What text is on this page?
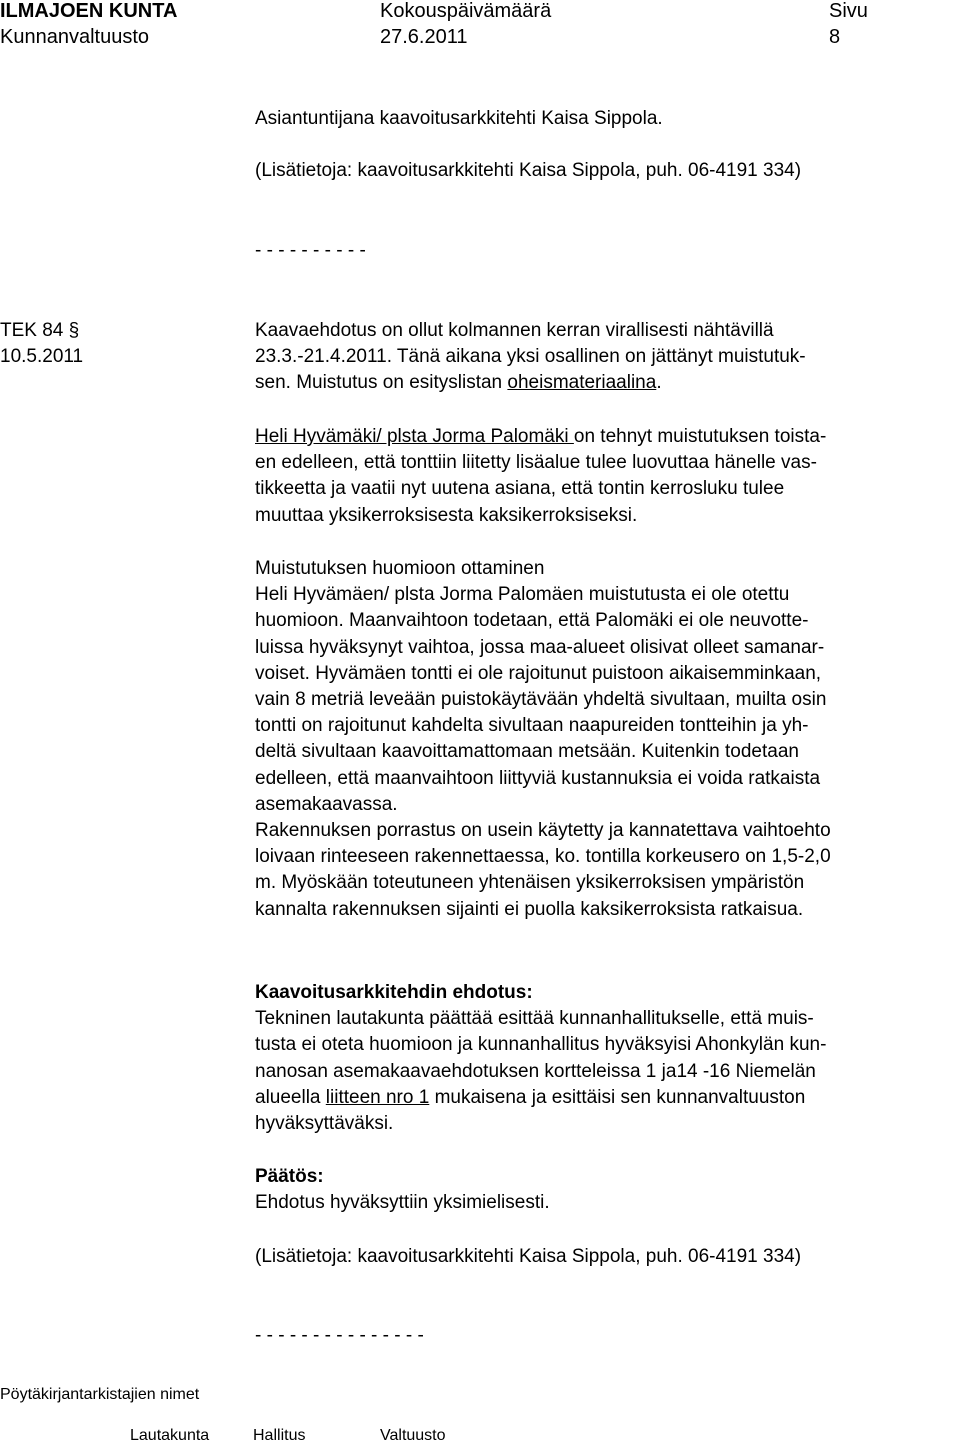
ILMAJOEN KUNTA
Kunnanvaltuusto
Kokouspäivämäärä
27.6.2011
Sivu
8
Asiantuntijana kaavoitusarkkitehti Kaisa Sippola.
(Lisätietoja: kaavoitusarkkitehti Kaisa Sippola, puh. 06-4191 334)
- - - - - - - - - -
TEK 84 §
10.5.2011
Kaavaehdotus on ollut kolmannen kerran virallisesti nähtävillä
23.3.-21.4.2011. Tänä aikana yksi osallinen on jättänyt muistutuk-
sen. Muistutus on esityslistan oheismateriaalina.
Heli Hyvämäki/ plsta Jorma Palomäki on tehnyt muistutuksen toista-
en edelleen, että tonttiin liitetty lisäalue tulee luovuttaa hänelle vas-
tikkeetta ja vaatii nyt uutena asiana, että tontin kerrosluku tulee
muuttaa yksikerroksisesta kaksikerroksiseksi.
Muistutuksen huomioon ottaminen
Heli Hyvämäen/ plsta Jorma Palomäen muistutusta ei ole otettu
huomioon. Maanvaihtoon todetaan, että Palomäki ei ole neuvotte-
luissa hyväksynyt vaihtoa, jossa maa-alueet olisivat olleet samanar-
voiset. Hyvämäen tontti ei ole rajoitunut puistoon aikaisemminkaan,
vain 8 metriä leveään puistokäytävään yhdeltä sivultaan, muilta osin
tontti on rajoitunut kahdelta sivultaan naapureiden tontteihin ja yh-
deltä sivultaan kaavoittamattomaan metsään. Kuitenkin todetaan
edelleen, että maanvaihtoon liittyviä kustannuksia ei voida ratkaista
asemakaavassa.
Rakennuksen porrastus on usein käytetty ja kannatettava vaihtoehto
loivaan rinteeseen rakennettaessa, ko. tontilla korkeusero on 1,5-2,0
m. Myöskään toteutuneen yhtenäisen yksikerroksisen ympäristön
kannalta rakennuksen sijainti ei puolla kaksikerroksista ratkaisua.
Kaavoitusarkkitehdin ehdotus:
Tekninen lautakunta päättää esittää kunnanhallitukselle, että muis-
tusta ei oteta huomioon ja kunnanhallitus hyväksyisi Ahonkylän kun-
nanosan asemakaavaehdotuksen kortteleissa 1 ja14 -16 Niemelän
alueella liitteen nro 1 mukaisena ja esittäisi sen kunnanvaltuuston
hyväksyttäväksi.
Päätös:
Ehdotus hyväksyttiin yksimielisesti.
(Lisätietoja: kaavoitusarkkitehti Kaisa Sippola, puh. 06-4191 334)
- - - - - - - - - - - - - - -
Pöytäkirjantarkistajien nimet
Lautakunta	Hallitus	Valtuusto
